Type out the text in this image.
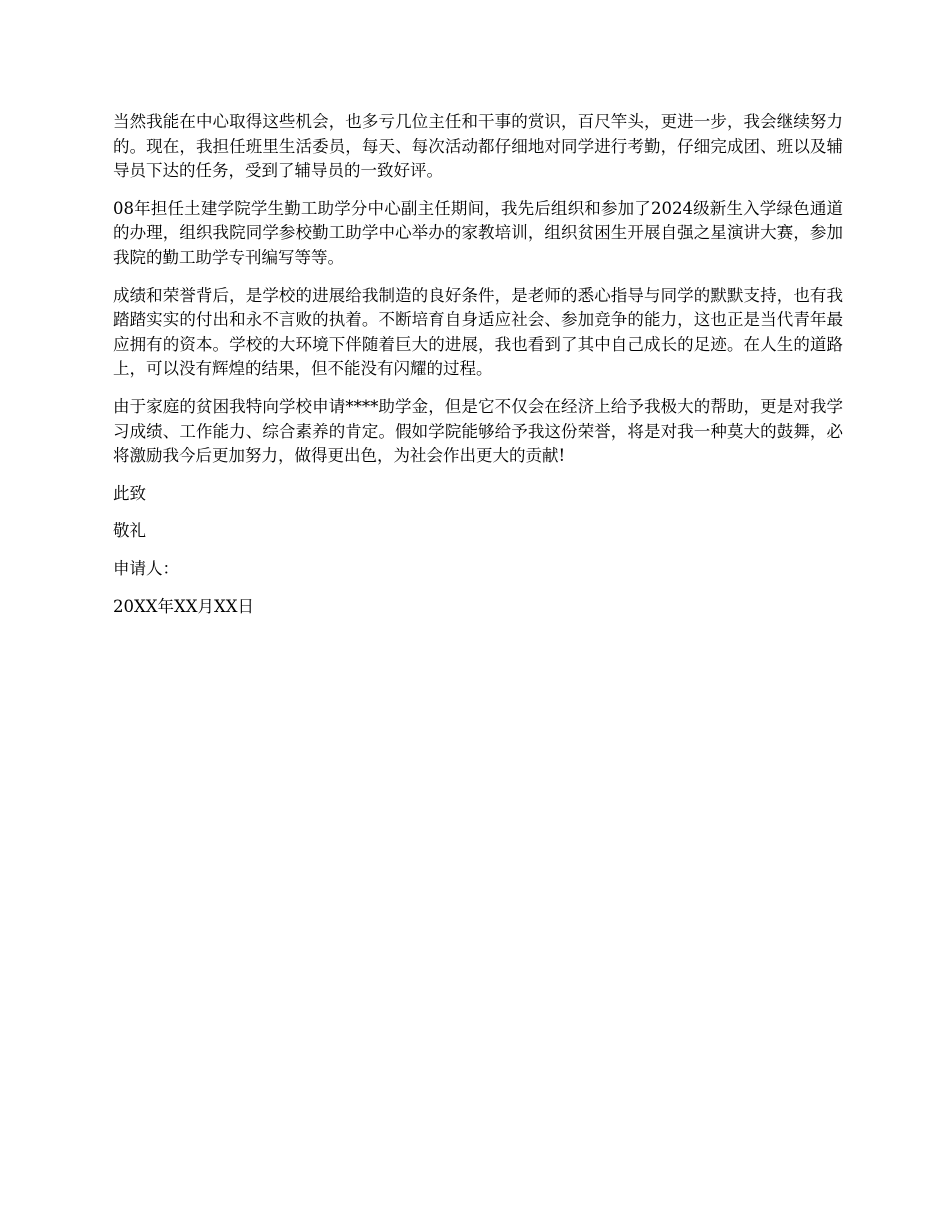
当然我能在中心取得这些机会，也多亏几位主任和干事的赏识，百尺竿头，更进一步，我会继续努力的。现在，我担任班里生活委员，每天、每次活动都仔细地对同学进行考勤，仔细完成团、班以及辅导员下达的任务，受到了辅导员的一致好评。

08年担任土建学院学生勤工助学分中心副主任期间，我先后组织和参加了2024级新生入学绿色通道的办理，组织我院同学参校勤工助学中心举办的家教培训，组织贫困生开展自强之星演讲大赛，参加我院的勤工助学专刊编写等等。

成绩和荣誉背后，是学校的进展给我制造的良好条件，是老师的悉心指导与同学的默默支持，也有我踏踏实实的付出和永不言败的执着。不断培育自身适应社会、参加竞争的能力，这也正是当代青年最应拥有的资本。学校的大环境下伴随着巨大的进展，我也看到了其中自己成长的足迹。在人生的道路上，可以没有辉煌的结果，但不能没有闪耀的过程。

由于家庭的贫困我特向学校申请****助学金，但是它不仅会在经济上给予我极大的帮助，更是对我学习成绩、工作能力、综合素养的肯定。假如学院能够给予我这份荣誉，将是对我一种莫大的鼓舞，必将激励我今后更加努力，做得更出色，为社会作出更大的贡献!

此致

敬礼

申请人：

20XX年XX月XX日
